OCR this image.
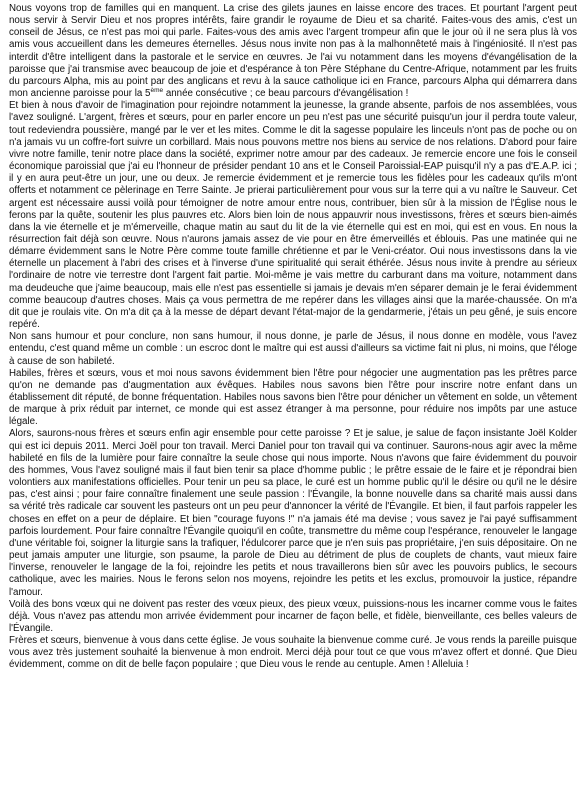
Nous voyons trop de familles qui en manquent. La crise des gilets jaunes en laisse encore des traces. Et pourtant l'argent peut nous servir à Servir Dieu et nos propres intérêts, faire grandir le royaume de Dieu et sa charité. Faites-vous des amis, c'est un conseil de Jésus, ce n'est pas moi qui parle. Faites-vous des amis avec l'argent trompeur afin que le jour où il ne sera plus là vos amis vous accueillent dans les demeures éternelles. Jésus nous invite non pas à la malhonnêteté mais à l'ingéniosité. Il n'est pas interdit d'être intelligent dans la pastorale et le service en œuvres. Je l'ai vu notamment dans les moyens d'évangélisation de la paroisse que j'ai transmise avec beaucoup de joie et d'espérance à ton Père Stéphane du Centre-Afrique, notamment par les fruits du parcours Alpha, mis au point par des anglicans et revu à la sauce catholique ici en France, parcours Alpha qui démarrera dans mon ancienne paroisse pour la 5ème année consécutive ; ce beau parcours d'évangélisation !

Et bien à nous d'avoir de l'imagination pour rejoindre notamment la jeunesse, la grande absente, parfois de nos assemblées, vous l'avez souligné. L'argent, frères et sœurs, pour en parler encore un peu n'est pas une sécurité puisqu'un jour il perdra toute valeur, tout redeviendra poussière, mangé par le ver et les mites. Comme le dit la sagesse populaire les linceuls n'ont pas de poche ou on n'a jamais vu un coffre-fort suivre un corbillard. Mais nous pouvons mettre nos biens au service de nos relations. D'abord pour faire vivre notre famille, tenir notre place dans la société, exprimer notre amour par des cadeaux. Je remercie encore une fois le conseil économique paroissial que j'ai eu l'honneur de présider pendant 10 ans et le Conseil Paroissial-EAP puisqu'il n'y a pas d'E.A.P. ici ; il y en aura peut-être un jour, une ou deux. Je remercie évidemment et je remercie tous les fidèles pour les cadeaux qu'ils m'ont offerts et notamment ce pèlerinage en Terre Sainte. Je prierai particulièrement pour vous sur la terre qui a vu naître le Sauveur. Cet argent est nécessaire aussi voilà pour témoigner de notre amour entre nous, contribuer, bien sûr à la mission de l'Église nous le ferons par la quête, soutenir les plus pauvres etc. Alors bien loin de nous appauvrir nous investissons, frères et sœurs bien-aimés dans la vie éternelle et je m'émerveille, chaque matin au saut du lit de la vie éternelle qui est en moi, qui est en vous. En nous la résurrection fait déjà son œuvre. Nous n'aurons jamais assez de vie pour en être émerveillés et éblouis. Pas une matinée qui ne démarre évidemment sans le Notre Père comme toute famille chrétienne et par le Veni-créator. Oui nous investissons dans la vie éternelle un placement à l'abri des crises et à l'inverse d'une spiritualité qui serait éthérée. Jésus nous invite à prendre au sérieux l'ordinaire de notre vie terrestre dont l'argent fait partie. Moi-même je vais mettre du carburant dans ma voiture, notamment dans ma deudeuche que j'aime beaucoup, mais elle n'est pas essentielle si jamais je devais m'en séparer demain je le ferai évidemment comme beaucoup d'autres choses. Mais ça vous permettra de me repérer dans les villages ainsi que la marée-chaussée. On m'a dit que je roulais vite. On m'a dit ça à la messe de départ devant l'état-major de la gendarmerie, j'étais un peu gêné, je suis encore repéré.

Non sans humour et pour conclure, non sans humour, il nous donne, je parle de Jésus, il nous donne en modèle, vous l'avez entendu, c'est quand même un comble : un escroc dont le maître qui est aussi d'ailleurs sa victime fait ni plus, ni moins, que l'éloge à cause de son habileté.

Habiles, frères et sœurs, vous et moi nous savons évidemment bien l'être pour négocier une augmentation pas les prêtres parce qu'on ne demande pas d'augmentation aux évêques. Habiles nous savons bien l'être pour inscrire notre enfant dans un établissement dit réputé, de bonne fréquentation. Habiles nous savons bien l'être pour dénicher un vêtement en solde, un vêtement de marque à prix réduit par internet, ce monde qui est assez étranger à ma personne, pour réduire nos impôts par une astuce légale.

Alors, saurons-nous frères et sœurs enfin agir ensemble pour cette paroisse ? Et je salue, je salue de façon insistante Joël Kolder qui est ici depuis 2011. Merci Joël pour ton travail. Merci Daniel pour ton travail qui va continuer. Saurons-nous agir avec la même habileté en fils de la lumière pour faire connaître la seule chose qui nous importe. Nous n'avons que faire évidemment du pouvoir des hommes, Vous l'avez souligné mais il faut bien tenir sa place d'homme public ; le prêtre essaie de le faire et je répondrai bien volontiers aux manifestations officielles. Pour tenir un peu sa place, le curé est un homme public qu'il le désire ou qu'il ne le désire pas, c'est ainsi ; pour faire connaître finalement une seule passion : l'Évangile, la bonne nouvelle dans sa charité mais aussi dans sa vérité très radicale car souvent les pasteurs ont un peu peur d'annoncer la vérité de l'Évangile. Et bien, il faut parfois rappeler les choses en effet on a peur de déplaire. Et bien "courage fuyons !" n'a jamais été ma devise ; vous savez je l'ai payé suffisamment parfois lourdement. Pour faire connaître l'Évangile quoiqu'il en coûte, transmettre du même coup l'espérance, renouveler le langage d'une véritable foi, soigner la liturgie sans la trafiquer, l'édulcorer parce que je n'en suis pas propriétaire, j'en suis dépositaire. On ne peut jamais amputer une liturgie, son psaume, la parole de Dieu au détriment de plus de couplets de chants, vaut mieux faire l'inverse, renouveler le langage de la foi, rejoindre les petits et nous travaillerons bien sûr avec les pouvoirs publics, le secours catholique, avec les mairies. Nous le ferons selon nos moyens, rejoindre les petits et les exclus, promouvoir la justice, répandre l'amour.

Voilà des bons vœux qui ne doivent pas rester des vœux pieux, des pieux vœux, puissions-nous les incarner comme vous le faites déjà. Vous n'avez pas attendu mon arrivée évidemment pour incarner de façon belle, et fidèle, bienveillante, ces belles valeurs de l'Évangile.

Frères et sœurs, bienvenue à vous dans cette église. Je vous souhaite la bienvenue comme curé. Je vous rends la pareille puisque vous avez très justement souhaité la bienvenue à mon endroit. Merci déjà pour tout ce que vous m'avez offert et donné. Que Dieu évidemment, comme on dit de belle façon populaire ; que Dieu vous le rende au centuple. Amen ! Alleluia !
